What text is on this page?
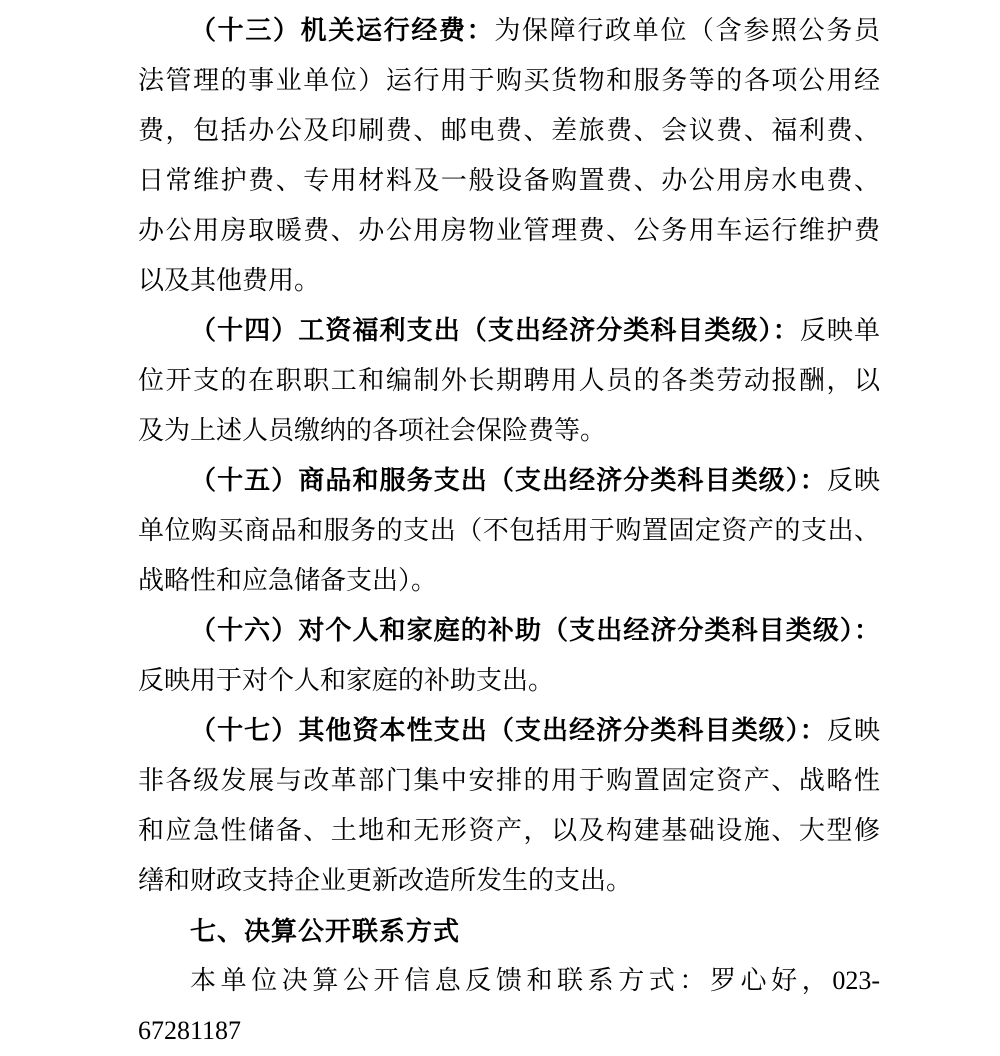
（十三）机关运行经费：为保障行政单位（含参照公务员
法管理的事业单位）运行用于购买货物和服务等的各项公用经
费，包括办公及印刷费、邮电费、差旅费、会议费、福利费、
日常维护费、专用材料及一般设备购置费、办公用房水电费、
办公用房取暖费、办公用房物业管理费、公务用车运行维护费
以及其他费用。
（十四）工资福利支出（支出经济分类科目类级）：反映单
位开支的在职职工和编制外长期聘用人员的各类劳动报酬，以
及为上述人员缴纳的各项社会保险费等。
（十五）商品和服务支出（支出经济分类科目类级）：反映
单位购买商品和服务的支出（不包括用于购置固定资产的支出、
战略性和应急储备支出）。
（十六）对个人和家庭的补助（支出经济分类科目类级）：
反映用于对个人和家庭的补助支出。
（十七）其他资本性支出（支出经济分类科目类级）：反映
非各级发展与改革部门集中安排的用于购置固定资产、战略性
和应急性储备、土地和无形资产，以及构建基础设施、大型修
缮和财政支持企业更新改造所发生的支出。
七、决算公开联系方式
本单位决算公开信息反馈和联系方式：罗心好，023-
67281187
